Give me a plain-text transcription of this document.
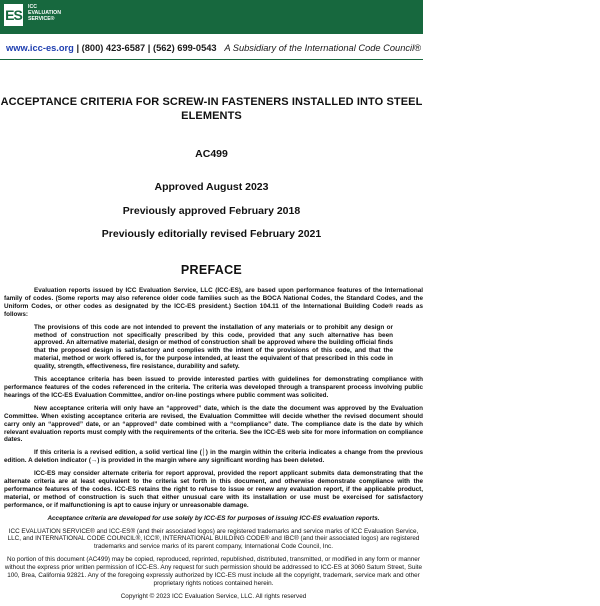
ES ICC
EVALUATION
SERVICE®
www.icc-es.org | (800) 423-6587 | (562) 699-0543 A Subsidiary of the International Code Council®
ACCEPTANCE CRITERIA FOR SCREW-IN FASTENERS INSTALLED INTO STEEL ELEMENTS
AC499
Approved August 2023
Previously approved February 2018
Previously editorially revised February 2021
PREFACE

Evaluation reports issued by ICC Evaluation Service, LLC (ICC-ES), are based upon performance features of the International family of codes. (Some reports may also reference older code families such as the BOCA National Codes, the Standard Codes, and the Uniform Codes, or other codes as designated by the ICC-ES president.) Section 104.11 of the International Building Code® reads as follows:

The provisions of this code are not intended to prevent the installation of any materials or to prohibit any design or method of construction not specifically prescribed by this code, provided that any such alternative has been approved. An alternative material, design or method of construction shall be approved where the building official finds that the proposed design is satisfactory and complies with the intent of the provisions of this code, and that the material, method or work offered is, for the purpose intended, at least the equivalent of that prescribed in this code in quality, strength, effectiveness, fire resistance, durability and safety.

This acceptance criteria has been issued to provide interested parties with guidelines for demonstrating compliance with performance features of the codes referenced in the criteria. The criteria was developed through a transparent process involving public hearings of the ICC-ES Evaluation Committee, and/or on-line postings where public comment was solicited.

New acceptance criteria will only have an “approved” date, which is the date the document was approved by the Evaluation Committee. When existing acceptance criteria are revised, the Evaluation Committee will decide whether the revised document should carry only an “approved” date, or an “approved” date combined with a “compliance” date. The compliance date is the date by which relevant evaluation reports must comply with the requirements of the criteria. See the ICC-ES web site for more information on compliance dates.

If this criteria is a revised edition, a solid vertical line (│) in the margin within the criteria indicates a change from the previous edition. A deletion indicator (→) is provided in the margin where any significant wording has been deleted.

ICC-ES may consider alternate criteria for report approval, provided the report applicant submits data demonstrating that the alternate criteria are at least equivalent to the criteria set forth in this document, and otherwise demonstrate compliance with the performance features of the codes. ICC-ES retains the right to refuse to issue or renew any evaluation report, if the applicable product, material, or method of construction is such that either unusual care with its installation or use must be exercised for satisfactory performance, or if malfunctioning is apt to cause injury or unreasonable damage.

Acceptance criteria are developed for use solely by ICC-ES for purposes of issuing ICC-ES evaluation reports.

ICC EVALUATION SERVICE® and ICC-ES® (and their associated logos) are registered trademarks and service marks of ICC Evaluation Service, LLC, and INTERNATIONAL CODE COUNCIL®, ICC®, INTERNATIONAL BUILDING CODE® and IBC® (and their associated logos) are registered trademarks and service marks of its parent company, International Code Council, Inc.

No portion of this document (AC499) may be copied, reproduced, reprinted, republished, distributed, transmitted, or modified in any form or manner without the express prior written permission of ICC-ES. Any request for such permission should be addressed to ICC-ES at 3060 Saturn Street, Suite 100, Brea, California 92821. Any of the foregoing expressly authorized by ICC-ES must include all the copyright, trademark, service mark and other proprietary rights notices contained herein.

Copyright © 2023 ICC Evaluation Service, LLC. All rights reserved
